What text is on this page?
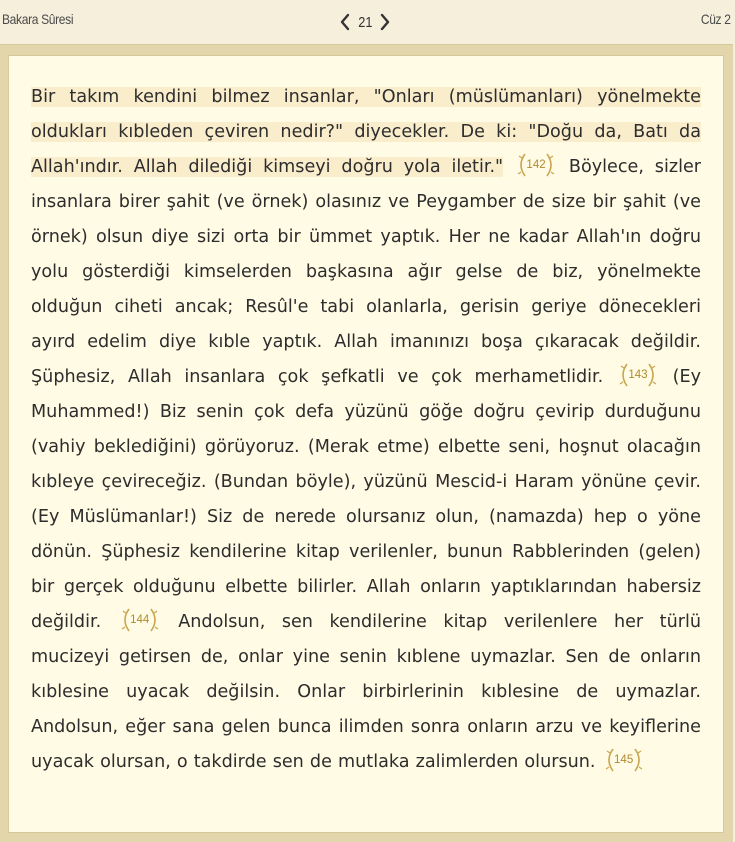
Bakara Sûresi	21	Cüz 2
Bir takım kendini bilmez insanlar, "Onları (müslümanları) yönelmekte oldukları kıbleden çeviren nedir?" diyecekler. De ki: "Doğu da, Batı da Allah'ındır. Allah dilediği kimseyi doğru yola iletir."	142	Böylece, sizler insanlara birer şahit (ve örnek) olasınız ve Peygamber de size bir şahit (ve örnek) olsun diye sizi orta bir ümmet yaptık. Her ne kadar Allah'ın doğru yolu gösterdiği kimselerden başkasına ağır gelse de biz, yönelmekte olduğun ciheti ancak; Resûl'e tabi olanlarla, gerisin geriye dönecekleri ayırd edelim diye kıble yaptık. Allah imanınızı boşa çıkaracak değildir. Şüphesiz, Allah insanlara çok şefkatli ve çok merhametlidir.	143	(Ey Muhammed!) Biz senin çok defa yüzünü göğe doğru çevirip durduğunu (vahiy beklediğini) görüyoruz. (Merak etme) elbette seni, hoşnut olacağın kıbleye çevireceğiz. (Bundan böyle), yüzünü Mescid-i Haram yönüne çevir. (Ey Müslümanlar!) Siz de nerede olursanız olun, (namazda) hep o yöne dönün. Şüphesiz kendilerine kitap verilenler, bunun Rabblerinden (gelen) bir gerçek olduğunu elbette bilirler. Allah onların yaptıklarından habersiz değildir.	144	Andolsun, sen kendilerine kitap verilenlere her türlü mucizeyi getirsen de, onlar yine senin kıblene uymazlar. Sen de onların kıblesine uyacak değilsin. Onlar birbirlerinin kıblesine de uymazlar. Andolsun, eğer sana gelen bunca ilimden sonra onların arzu ve keyiflerine uyacak olursan, o takdirde sen de mutlaka zalimlerden olursun.	145
